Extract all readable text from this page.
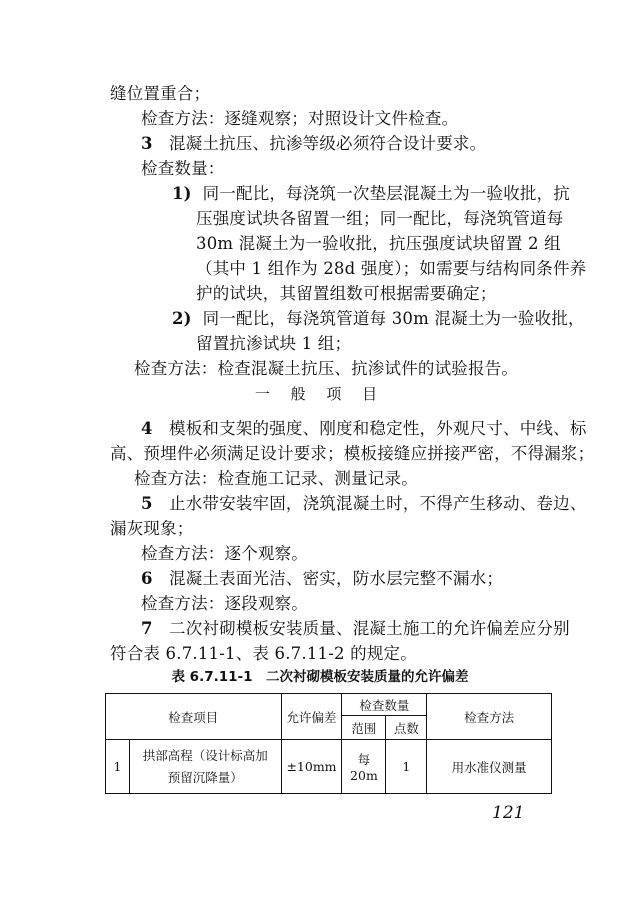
缝位置重合；
检查方法：逐缝观察；对照设计文件检查。
3 混凝土抗压、抗渗等级必须符合设计要求。
检查数量：
1) 同一配比，每浇筑一次垫层混凝土为一验收批，抗
压强度试块各留置一组；同一配比，每浇筑管道每
30m 混凝土为一验收批，抗压强度试块留置 2 组
（其中 1 组作为 28d 强度）；如需要与结构同条件养
护的试块，其留置组数可根据需要确定；
2) 同一配比，每浇筑管道每 30m 混凝土为一验收批，
留置抗渗试块 1 组；
检查方法：检查混凝土抗压、抗渗试件的试验报告。
一 般 项 目
4 模板和支架的强度、刚度和稳定性，外观尺寸、中线、标
高、预埋件必须满足设计要求；模板接缝应拼接严密，不得漏浆；
检查方法：检查施工记录、测量记录。
5 止水带安装牢固，浇筑混凝土时，不得产生移动、卷边、
漏灰现象；
检查方法：逐个观察。
6 混凝土表面光洁、密实，防水层完整不漏水；
检查方法：逐段观察。
7 二次衬砌模板安装质量、混凝土施工的允许偏差应分别
符合表 6.7.11-1、表 6.7.11-2 的规定。
表 6.7.11-1　二次衬砌模板安装质量的允许偏差
检查项目		允许偏差	检查数量		检查方法
			范围	点数	
1	拱部高程（设计标高加
预留沉降量）	±10mm	每 20m	1	用水准仪测量
121
